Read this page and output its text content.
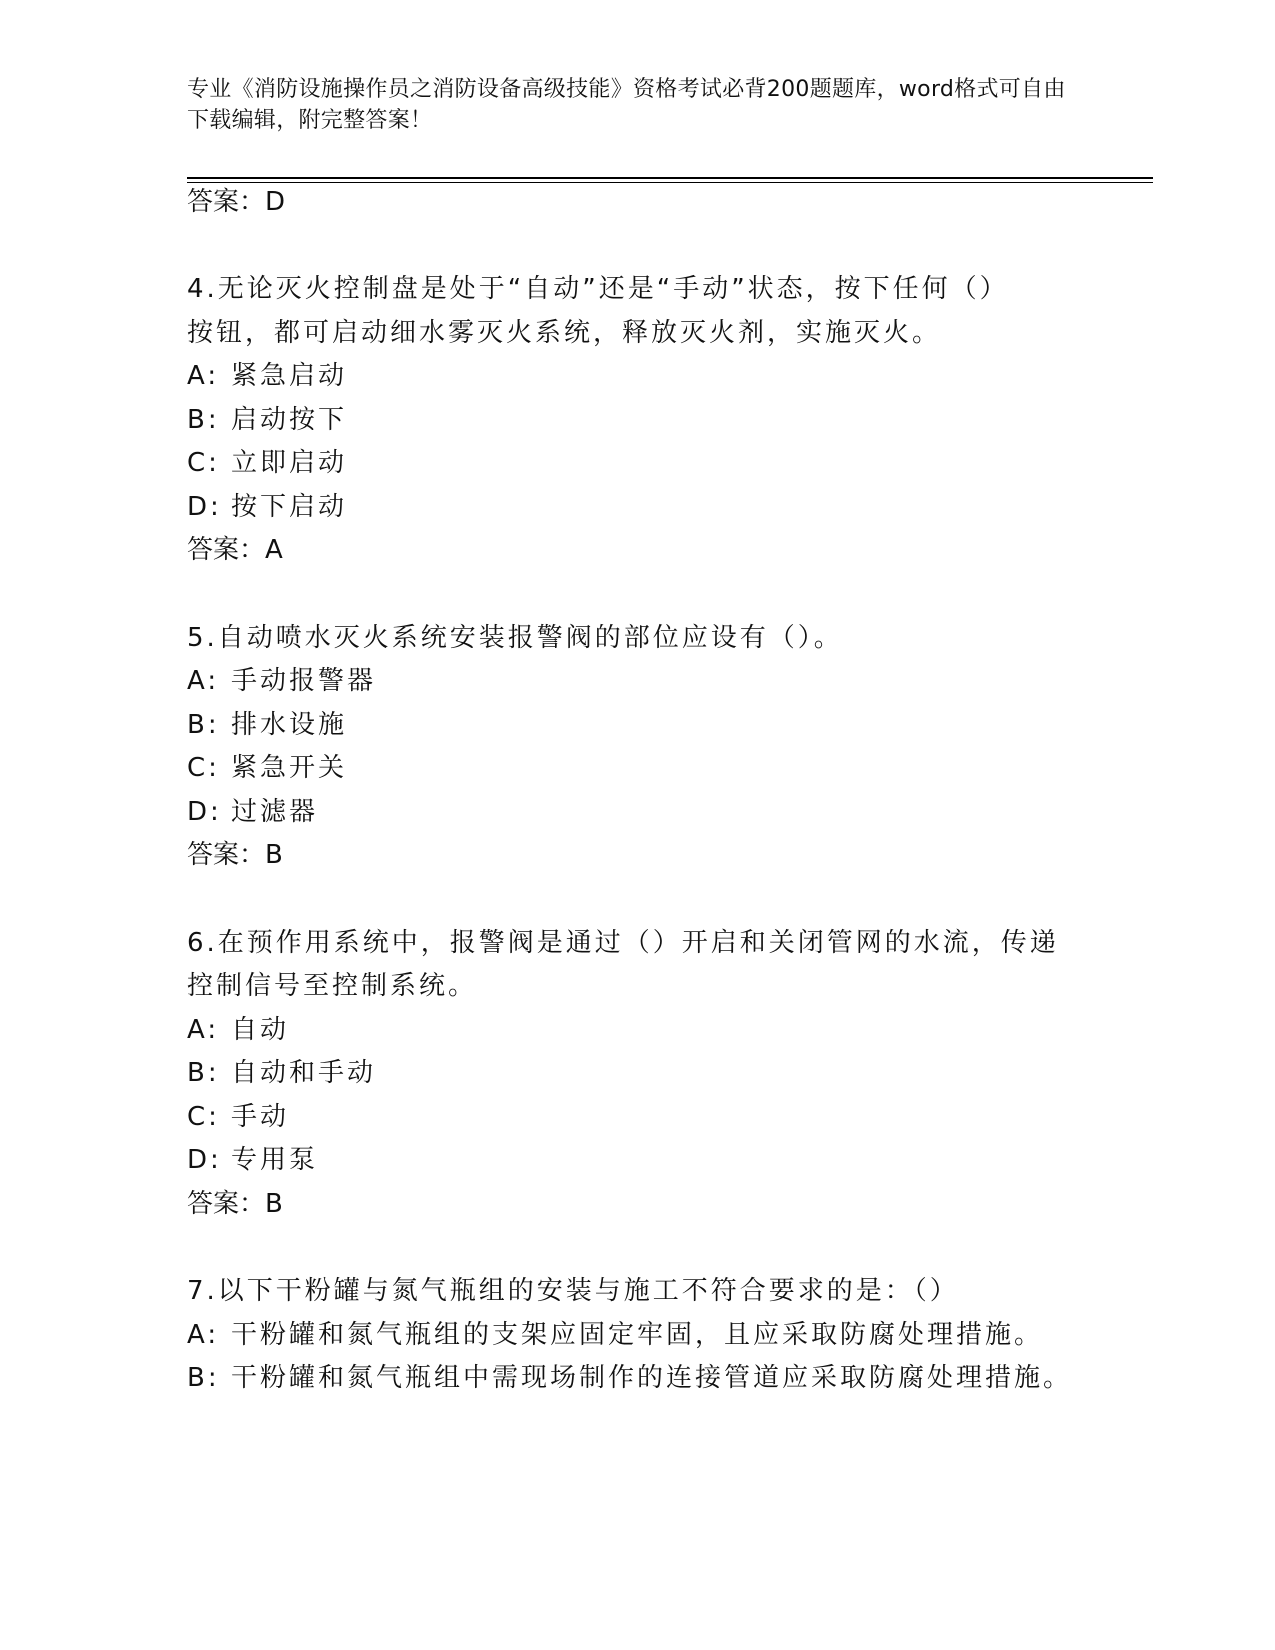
专业《消防设施操作员之消防设备高级技能》资格考试必背200题题库，word格式可自由下载编辑，附完整答案！
答案：D
4.无论灭火控制盘是处于“自动”还是“手动”状态，按下任何（）
按钮，都可启动细水雾灭火系统，释放灭火剂，实施灭火。
A: 紧急启动
B: 启动按下
C: 立即启动
D: 按下启动
答案：A
5.自动喷水灭火系统安装报警阀的部位应设有（）。
A: 手动报警器
B: 排水设施
C: 紧急开关
D: 过滤器
答案：B
6.在预作用系统中，报警阀是通过（）开启和关闭管网的水流，传递
控制信号至控制系统。
A: 自动
B: 自动和手动
C: 手动
D: 专用泵
答案：B
7.以下干粉罐与氮气瓶组的安装与施工不符合要求的是：（）
A: 干粉罐和氮气瓶组的支架应固定牢固，且应采取防腐处理措施。
B: 干粉罐和氮气瓶组中需现场制作的连接管道应采取防腐处理措施。
